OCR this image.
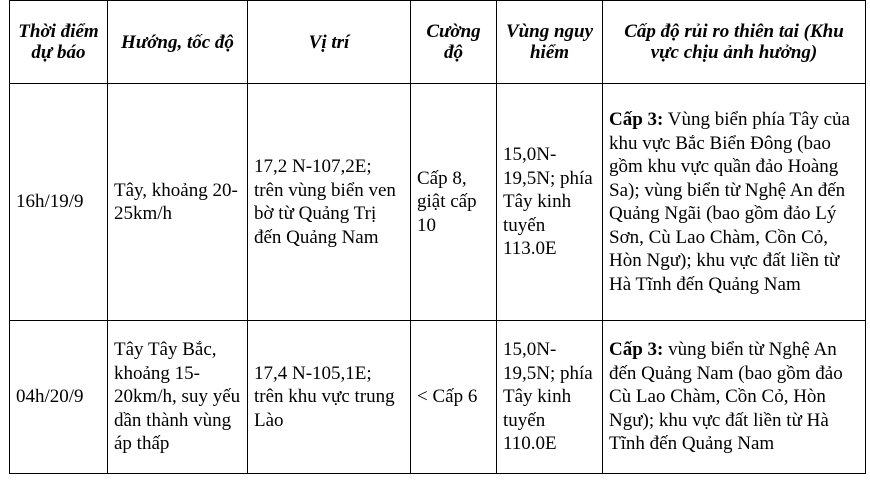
Thời điểm dự báo	Hướng, tốc độ	Vị trí	Cường độ	Vùng nguy hiểm	Cấp độ rủi ro thiên tai (Khu vực chịu ảnh hưởng)
16h/19/9	Tây, khoảng 20-25km/h	17,2 N-107,2E; trên vùng biển ven bờ từ Quảng Trị đến Quảng Nam	Cấp 8, giật cấp 10	15,0N-19,5N; phía Tây kinh tuyến 113.0E	Cấp 3: Vùng biển phía Tây của khu vực Bắc Biển Đông (bao gồm khu vực quần đảo Hoàng Sa); vùng biển từ Nghệ An đến Quảng Ngãi (bao gồm đảo Lý Sơn, Cù Lao Chàm, Cồn Cỏ, Hòn Ngư); khu vực đất liền từ Hà Tĩnh đến Quảng Nam
04h/20/9	Tây Tây Bắc, khoảng 15-20km/h, suy yếu dần thành vùng áp thấp	17,4 N-105,1E; trên khu vực trung Lào	< Cấp 6	15,0N-19,5N; phía Tây kinh tuyến 110.0E	Cấp 3: vùng biển từ Nghệ An đến Quảng Nam (bao gồm đảo Cù Lao Chàm, Cồn Cỏ, Hòn Ngư); khu vực đất liền từ Hà Tĩnh đến Quảng Nam
